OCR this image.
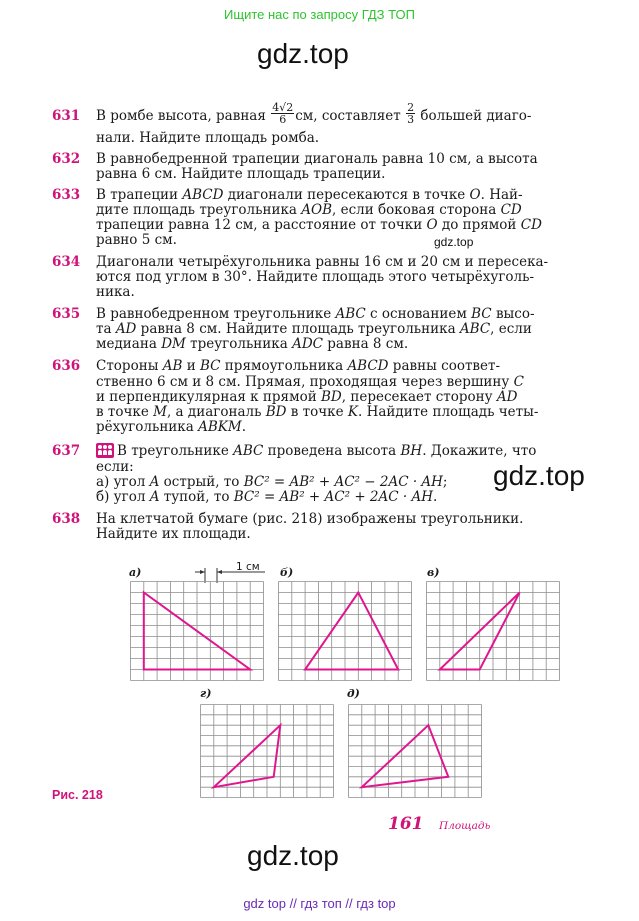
Ищите нас по запросу ГДЗ ТОП
gdz.top
631 В ромбе высота, равная $\frac{4√2}{6}$ см, составляет $\frac{2}{3}$ большей диаго-
нали. Найдите площадь ромба.
632 В равнобедренной трапеции диагональ равна 10 см, а высота
равна 6 см. Найдите площадь трапеции.
633 В трапеции ABCD диагонали пересекаются в точке O. Най-
дите площадь треугольника AOB, если боковая сторона CD
трапеции равна 12 см, а расстояние от точки O до прямой CD
равно 5 см.	gdz.top
634 Диагонали четырёхугольника равны 16 см и 20 см и пересека-
ются под углом в 30°. Найдите площадь этого четырёхуголь-
ника.
635 В равнобедренном треугольнике ABC с основанием BC высо-
та AD равна 8 см. Найдите площадь треугольника ABC, если
медиана DM треугольника ADC равна 8 см.
636 Стороны AB и BC прямоугольника ABCD равны соответ-
ственно 6 см и 8 см. Прямая, проходящая через вершину C
и перпендикулярная к прямой BD, пересекает сторону AD
в точке M, а диагональ BD в точке K. Найдите площадь четы-
рёхугольника ABKM.
637	В треугольнике ABC проведена высота BH. Докажите, что
если:
а) угол A острый, то BC² = AB² + AC² − 2AC · AH;
б) угол A тупой, то BC² = AB² + AC² + 2AC · AH.
gdz.top
638 На клетчатой бумаге (рис. 218) изображены треугольники.
Найдите их площади.
а)	б)	в)
г)	д)
1 см
Рис. 218
161 Площадь
gdz.top
gdz top // гдз топ // гдз top
